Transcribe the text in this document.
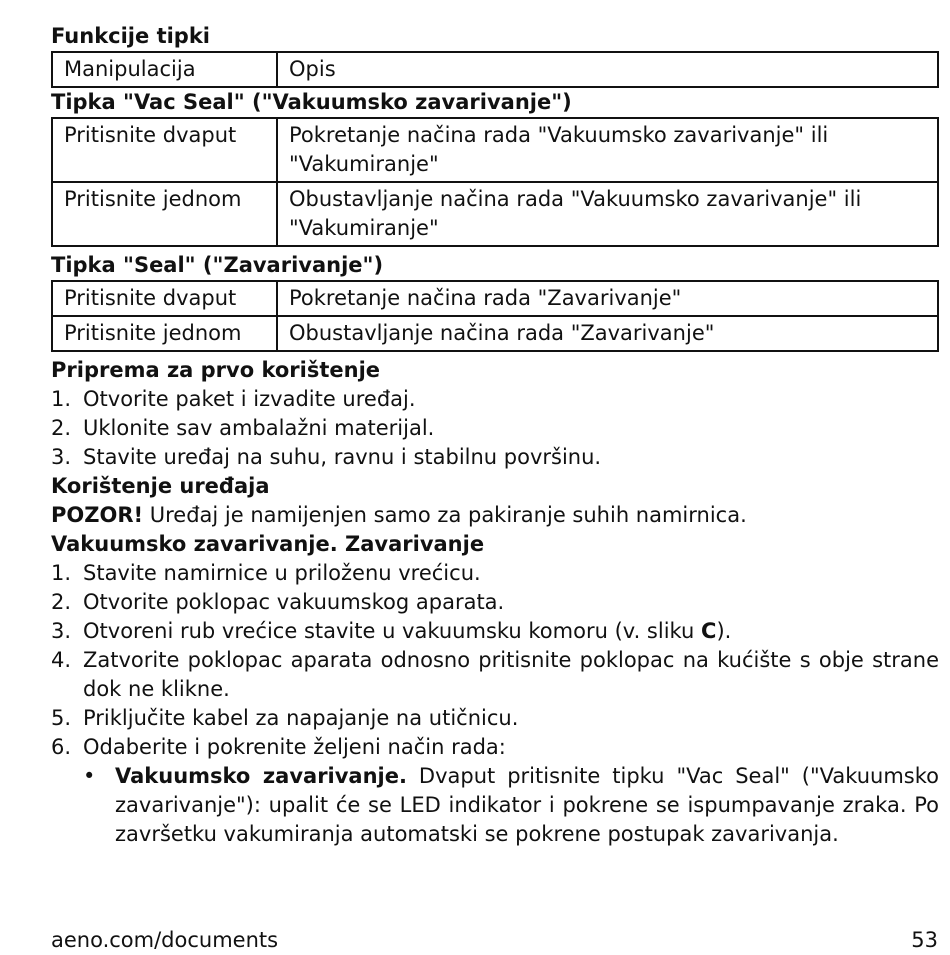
Funkcije tipki

Manipulacija	Opis

Tipka "Vac Seal" ("Vakuumsko zavarivanje")

Pritisnite dvaput	Pokretanje načina rada "Vakuumsko zavarivanje" ili "Vakumiranje"
Pritisnite jednom	Obustavljanje načina rada "Vakuumsko zavarivanje" ili "Vakumiranje"

Tipka "Seal" ("Zavarivanje")

Pritisnite dvaput	Pokretanje načina rada "Zavarivanje"
Pritisnite jednom	Obustavljanje načina rada "Zavarivanje"

Priprema za prvo korištenje

1. Otvorite paket i izvadite uređaj.
2. Uklonite sav ambalažni materijal.
3. Stavite uređaj na suhu, ravnu i stabilnu površinu.

Korištenje uređaja

POZOR! Uređaj je namijenjen samo za pakiranje suhih namirnica.

Vakuumsko zavarivanje. Zavarivanje

1. Stavite namirnice u priloženu vrećicu.
2. Otvorite poklopac vakuumskog aparata.
3. Otvoreni rub vrećice stavite u vakuumsku komoru (v. sliku C).
4. Zatvorite poklopac aparata odnosno pritisnite poklopac na kućište s obje strane dok ne klikne.
5. Priključite kabel za napajanje na utičnicu.
6. Odaberite i pokrenite željeni način rada:
• Vakuumsko zavarivanje. Dvaput pritisnite tipku "Vac Seal" ("Vakuumsko zavarivanje"): upalit će se LED indikator i pokrene se ispumpavanje zraka. Po završetku vakumiranja automatski se pokrene postupak zavarivanja.
aeno.com/documents	53
